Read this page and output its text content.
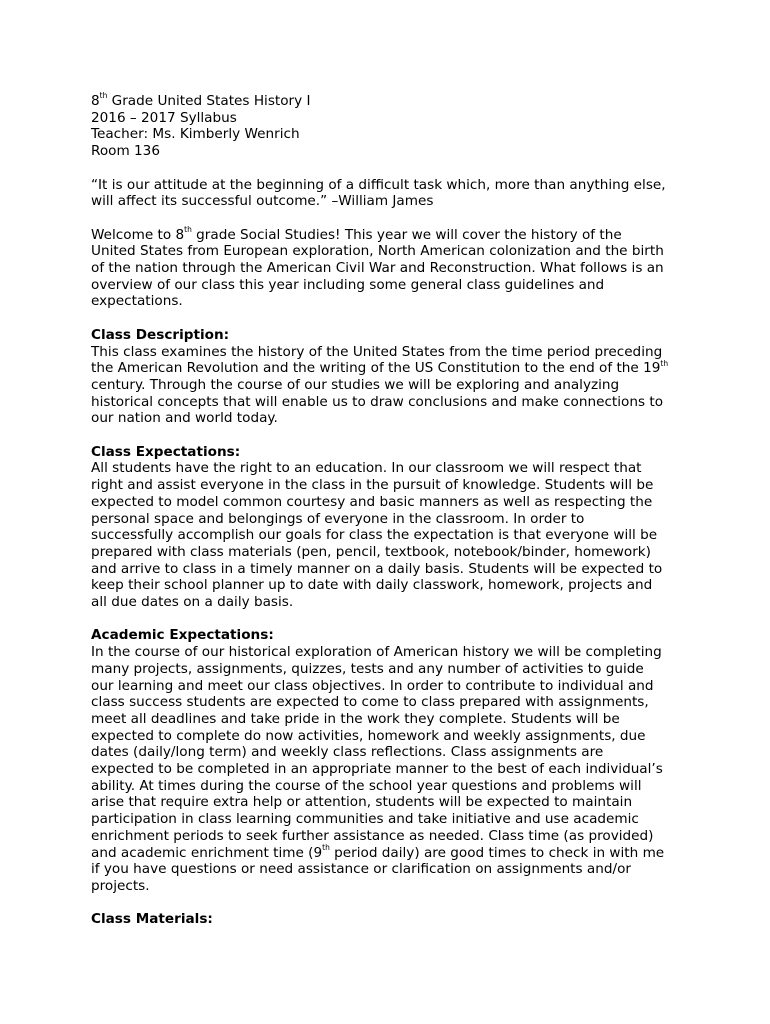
8th Grade United States History I

2016 – 2017 Syllabus

Teacher: Ms. Kimberly Wenrich

Room 136

“It is our attitude at the beginning of a difficult task which, more than anything else,

will affect its successful outcome.” –William James

Welcome to 8th grade Social Studies! This year we will cover the history of the

United States from European exploration, North American colonization and the birth

of the nation through the American Civil War and Reconstruction. What follows is an

overview of our class this year including some general class guidelines and

expectations.

Class Description:

This class examines the history of the United States from the time period preceding

the American Revolution and the writing of the US Constitution to the end of the 19th

century. Through the course of our studies we will be exploring and analyzing

historical concepts that will enable us to draw conclusions and make connections to

our nation and world today.

Class Expectations:

All students have the right to an education. In our classroom we will respect that

right and assist everyone in the class in the pursuit of knowledge. Students will be

expected to model common courtesy and basic manners as well as respecting the

personal space and belongings of everyone in the classroom. In order to

successfully accomplish our goals for class the expectation is that everyone will be

prepared with class materials (pen, pencil, textbook, notebook/binder, homework)

and arrive to class in a timely manner on a daily basis. Students will be expected to

keep their school planner up to date with daily classwork, homework, projects and

all due dates on a daily basis.

Academic Expectations:

In the course of our historical exploration of American history we will be completing

many projects, assignments, quizzes, tests and any number of activities to guide

our learning and meet our class objectives. In order to contribute to individual and

class success students are expected to come to class prepared with assignments,

meet all deadlines and take pride in the work they complete. Students will be

expected to complete do now activities, homework and weekly assignments, due

dates (daily/long term) and weekly class reflections. Class assignments are

expected to be completed in an appropriate manner to the best of each individual’s

ability. At times during the course of the school year questions and problems will

arise that require extra help or attention, students will be expected to maintain

participation in class learning communities and take initiative and use academic

enrichment periods to seek further assistance as needed. Class time (as provided)

and academic enrichment time (9th period daily) are good times to check in with me

if you have questions or need assistance or clarification on assignments and/or

projects.

Class Materials:
